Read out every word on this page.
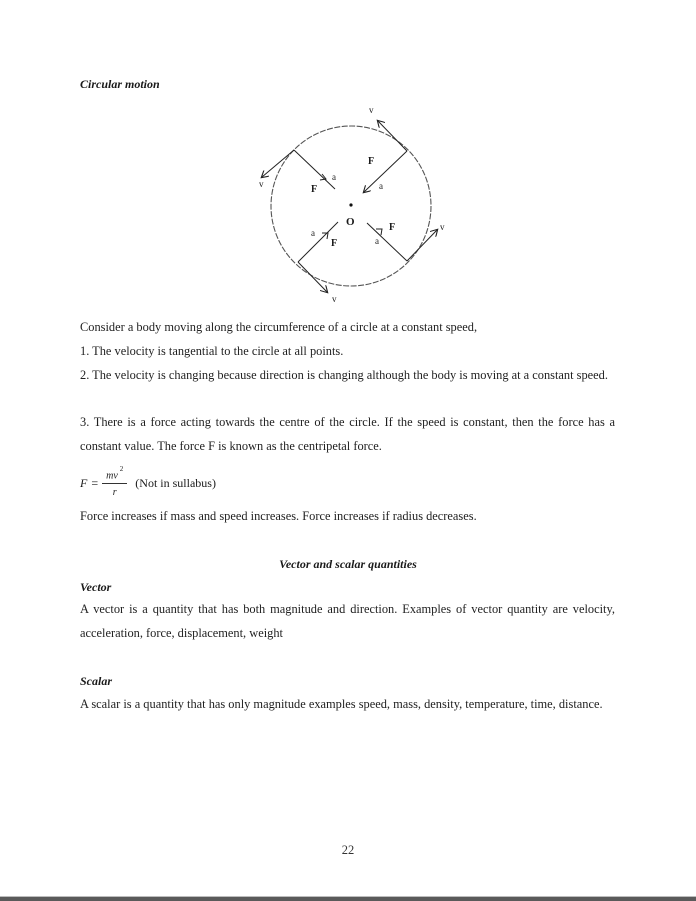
Circular motion
O
v
a
F
v
F
a
v
a
F
v
F
a
Consider a body moving along the circumference of a circle at a constant speed,
1. The velocity is tangential to the circle at all points.
2. The velocity is changing because direction is changing although the body is moving at a constant speed.
3. There is a force acting towards the centre of the circle. If the speed is constant, then the force has a constant value. The force F is known as the centripetal force.
$F = \frac{mv^2}{r} (Not$ in sullabus)
Force increases if mass and speed increases. Force increases if radius decreases.
Vector and scalar quantities
Vector
A vector is a quantity that has both magnitude and direction. Examples of vector quantity are velocity, acceleration, force, displacement, weight
Scalar
A scalar is a quantity that has only magnitude examples speed, mass, density, temperature, time, distance.
22
